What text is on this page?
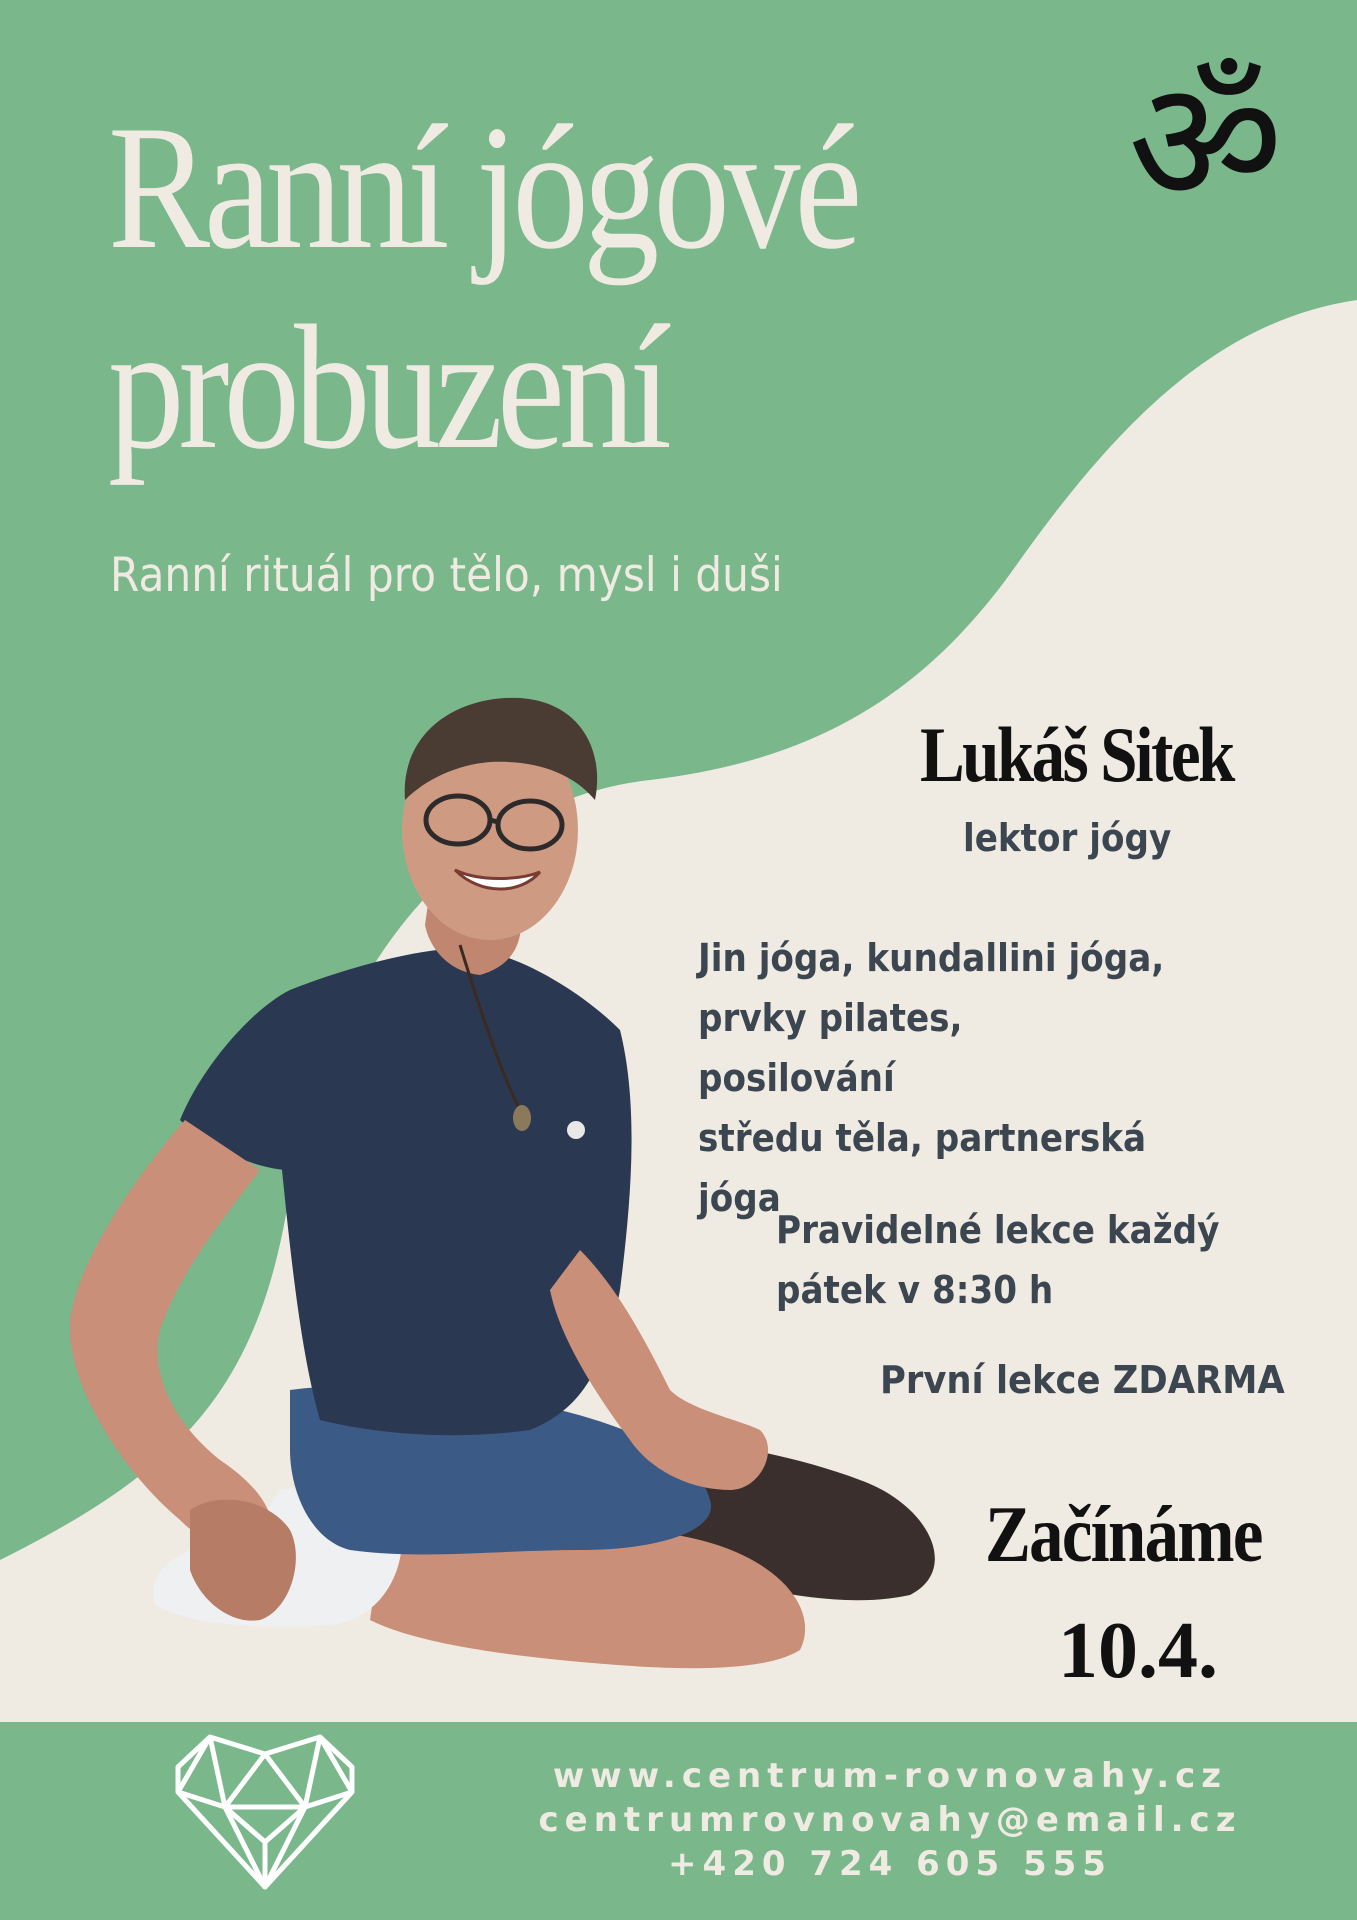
Ranní jógové

probuzení

Ranní rituál pro tělo, mysl i duši

ॐ

Lukáš Sitek

lektor jógy

Jin jóga, kundallini jóga,
prvky pilates, posilování
středu těla, partnerská
jóga
Pravidelné lekce každý
pátek v 8:30 h

První lekce ZDARMA

Začínáme

10.4.

www.centrum-rovnovahy.cz

centrumrovnovahy@email.cz

+420 724 605 555
